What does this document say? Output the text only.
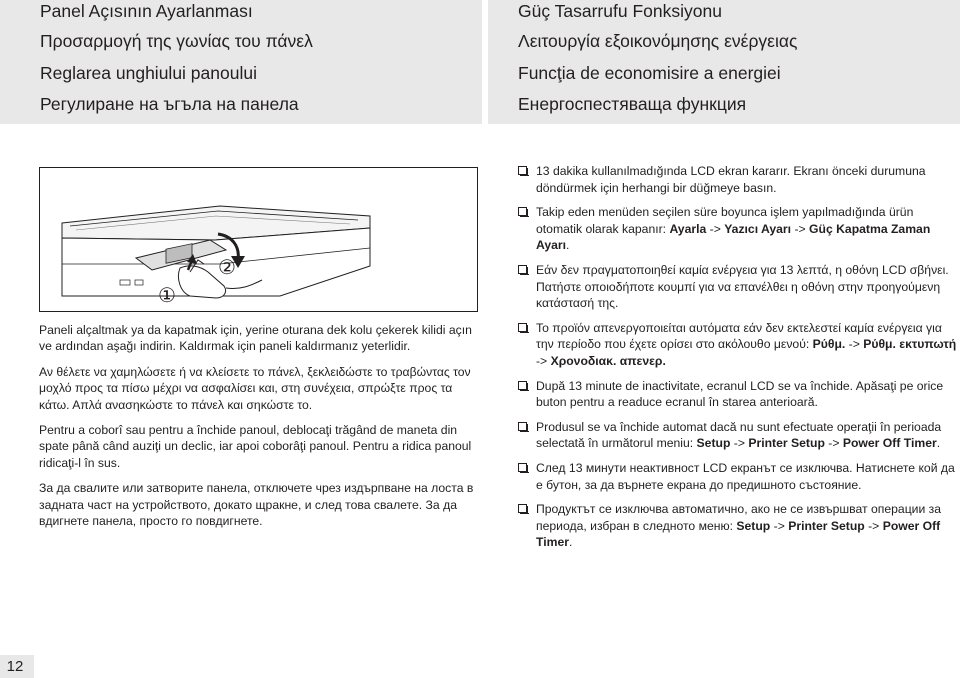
Panel Açısının Ayarlanması

Προσαρμογή της γωνίας του πάνελ

Reglarea unghiului panoului

Регулиране на ъгъла на панела

Güç Tasarrufu Fonksiyonu

Λειτουργία εξοικονόμησης ενέργειας

Funcţia de economisire a energiei

Енергоспестяваща функция

①
②

Paneli alçaltmak ya da kapatmak için, yerine oturana dek kolu çekerek kilidi açın ve ardından aşağı indirin. Kaldırmak için paneli kaldırmanız yeterlidir.

Αν θέλετε να χαμηλώσετε ή να κλείσετε το πάνελ, ξεκλειδώστε το τραβώντας τον μοχλό προς τα πίσω μέχρι να ασφαλίσει και, στη συνέχεια, σπρώξτε προς τα κάτω. Απλά ανασηκώστε το πάνελ και σηκώστε το.

Pentru a coborî sau pentru a închide panoul, deblocaţi trăgând de maneta din spate până când auziţi un declic, iar apoi coborâţi panoul. Pentru a ridica panoul ridicaţi-l în sus.

За да свалите или затворите панела, отключете чрез издърпване на лоста в задната част на устройството, докато щракне, и след това свалете. За да вдигнете панела, просто го повдигнете.

13 dakika kullanılmadığında LCD ekran kararır. Ekranı önceki durumuna döndürmek için herhangi bir düğmeye basın.
Takip eden menüden seçilen süre boyunca işlem yapılmadığında ürün otomatik olarak kapanır: Ayarla -> Yazıcı Ayarı -> Güç Kapatma Zaman Ayarı.
Εάν δεν πραγματοποιηθεί καμία ενέργεια για 13 λεπτά, η οθόνη LCD σβήνει. Πατήστε οποιοδήποτε κουμπί για να επανέλθει η οθόνη στην προηγούμενη κατάστασή της.
Το προϊόν απενεργοποιείται αυτόματα εάν δεν εκτελεστεί καμία ενέργεια για την περίοδο που έχετε ορίσει στο ακόλουθο μενού: Ρύθμ. -> Ρύθμ. εκτυπωτή -> Χρονοδιακ. απενερ.
După 13 minute de inactivitate, ecranul LCD se va închide. Apăsaţi pe orice buton pentru a readuce ecranul în starea anterioară.
Produsul se va închide automat dacă nu sunt efectuate operaţii în perioada selectată în următorul meniu: Setup -> Printer Setup -> Power Off Timer.
След 13 минути неактивност LCD екранът се изключва. Натиснете кой да е бутон, за да върнете екрана до предишното състояние.
Продуктът се изключва автоматично, ако не се извършват операции за периода, избран в следното меню: Setup -> Printer Setup -> Power Off Timer.
12
